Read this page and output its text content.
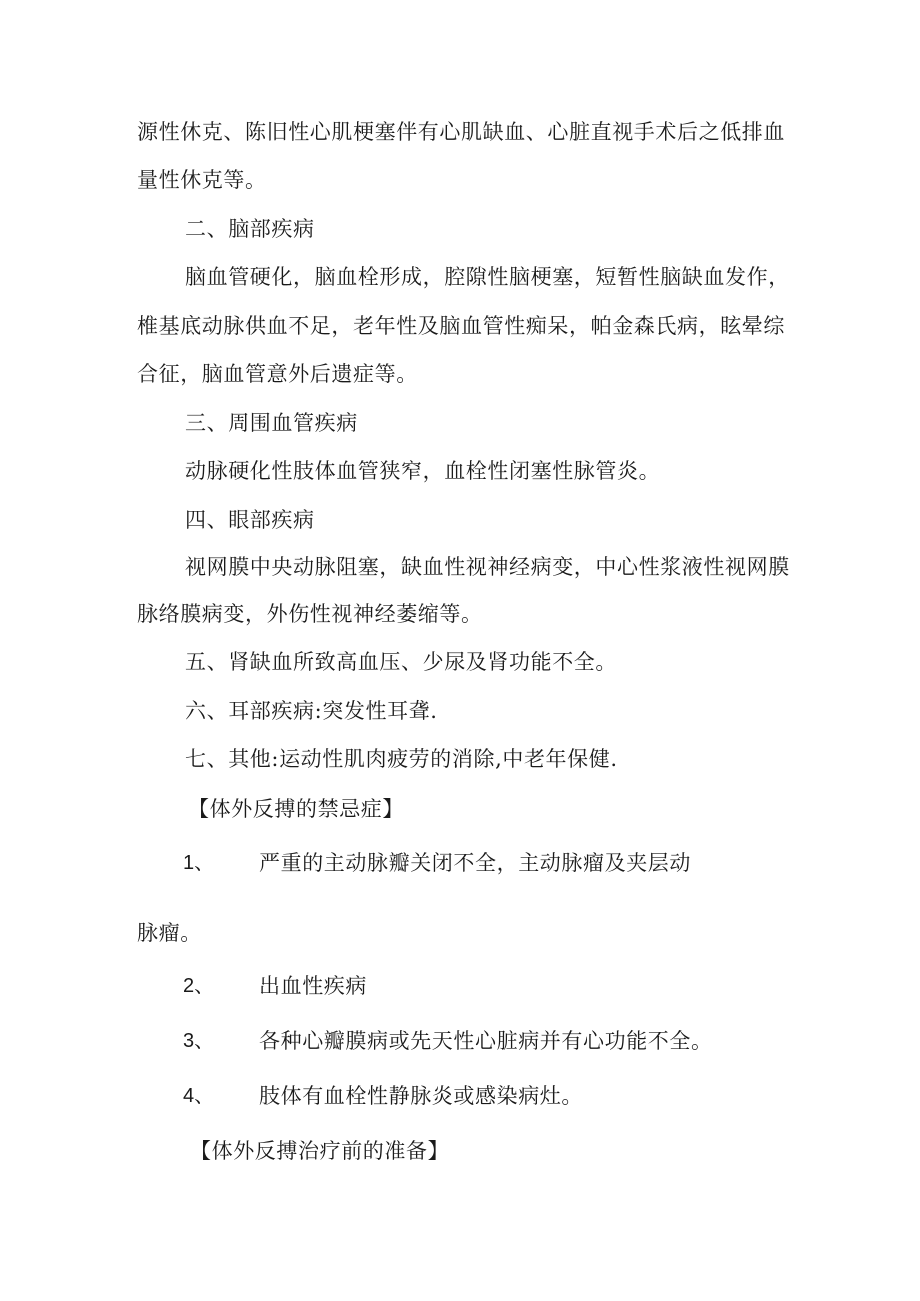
源性休克、陈旧性心肌梗塞伴有心肌缺血、心脏直视手术后之低排血
量性休克等。
二、脑部疾病
脑血管硬化，脑血栓形成，腔隙性脑梗塞，短暂性脑缺血发作，
椎基底动脉供血不足，老年性及脑血管性痴呆，帕金森氏病，眩晕综
合征，脑血管意外后遗症等。
三、周围血管疾病
动脉硬化性肢体血管狭窄，血栓性闭塞性脉管炎。
四、眼部疾病
视网膜中央动脉阻塞，缺血性视神经病变，中心性浆液性视网膜
脉络膜病变，外伤性视神经萎缩等。
五、肾缺血所致高血压、少尿及肾功能不全。
六、耳部疾病:突发性耳聋.
七、其他:运动性肌肉疲劳的消除,中老年保健.
【体外反搏的禁忌症】
1、 严重的主动脉瓣关闭不全，主动脉瘤及夹层动
脉瘤。
2、 出血性疾病
3、 各种心瓣膜病或先天性心脏病并有心功能不全。
4、 肢体有血栓性静脉炎或感染病灶。
【体外反搏治疗前的准备】
